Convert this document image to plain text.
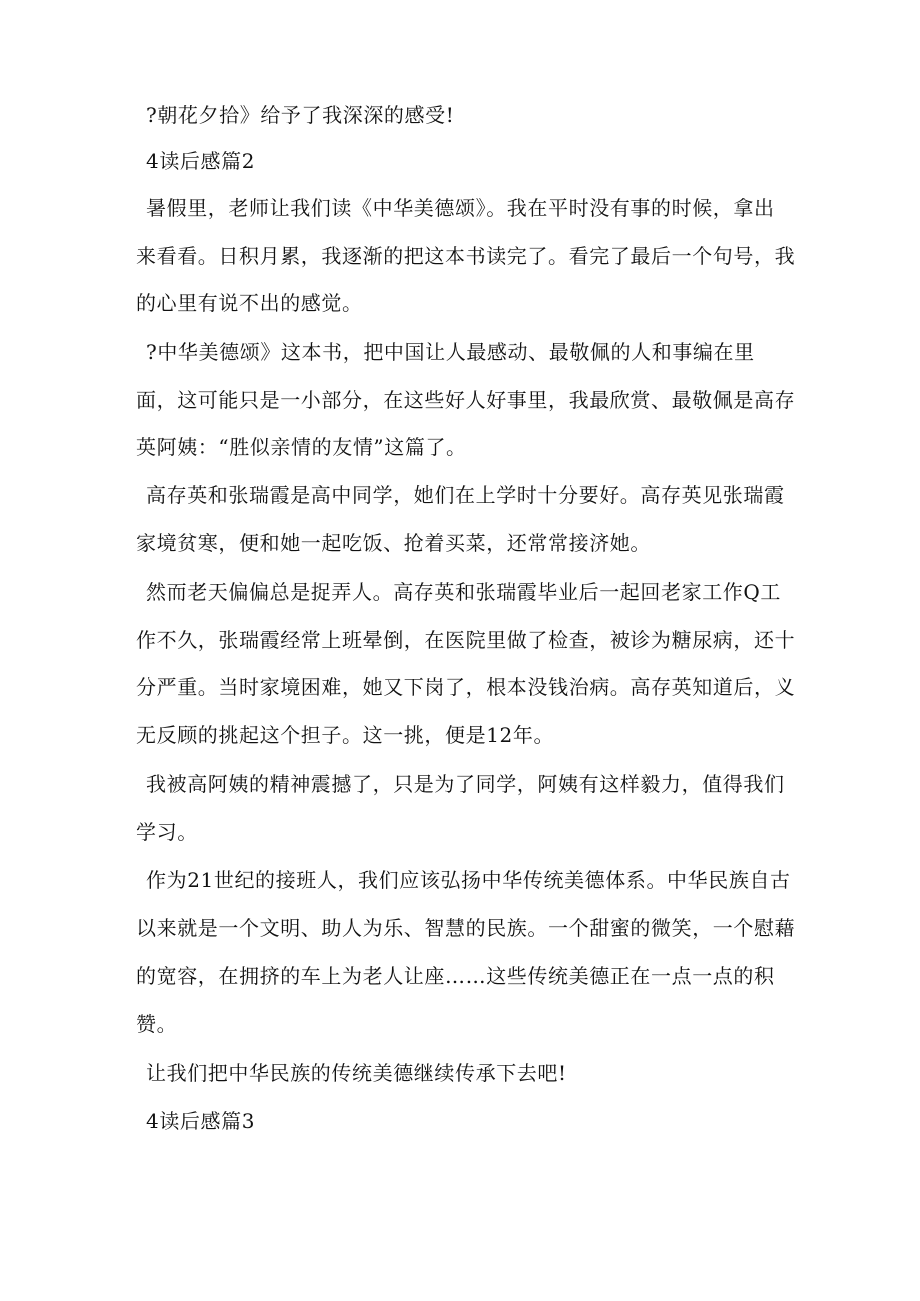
?朝花夕拾》给予了我深深的感受!
4读后感篇2
暑假里，老师让我们读《中华美德颂》。我在平时没有事的时候，拿出
来看看。日积月累，我逐渐的把这本书读完了。看完了最后一个句号，我
的心里有说不出的感觉。
?中华美德颂》这本书，把中国让人最感动、最敬佩的人和事编在里
面，这可能只是一小部分，在这些好人好事里，我最欣赏、最敬佩是高存
英阿姨：“胜似亲情的友情”这篇了。
高存英和张瑞霞是高中同学，她们在上学时十分要好。高存英见张瑞霞
家境贫寒，便和她一起吃饭、抢着买菜，还常常接济她。
然而老天偏偏总是捉弄人。高存英和张瑞霞毕业后一起回老家工作Q工
作不久，张瑞霞经常上班晕倒，在医院里做了检查，被诊为糖尿病，还十
分严重。当时家境困难，她又下岗了，根本没钱治病。高存英知道后，义
无反顾的挑起这个担子。这一挑，便是12年。
我被高阿姨的精神震撼了，只是为了同学，阿姨有这样毅力，值得我们
学习。
作为21世纪的接班人，我们应该弘扬中华传统美德体系。中华民族自古
以来就是一个文明、助人为乐、智慧的民族。一个甜蜜的微笑，一个慰藉
的宽容，在拥挤的车上为老人让座……这些传统美德正在一点一点的积
赞。
让我们把中华民族的传统美德继续传承下去吧!
4读后感篇3
